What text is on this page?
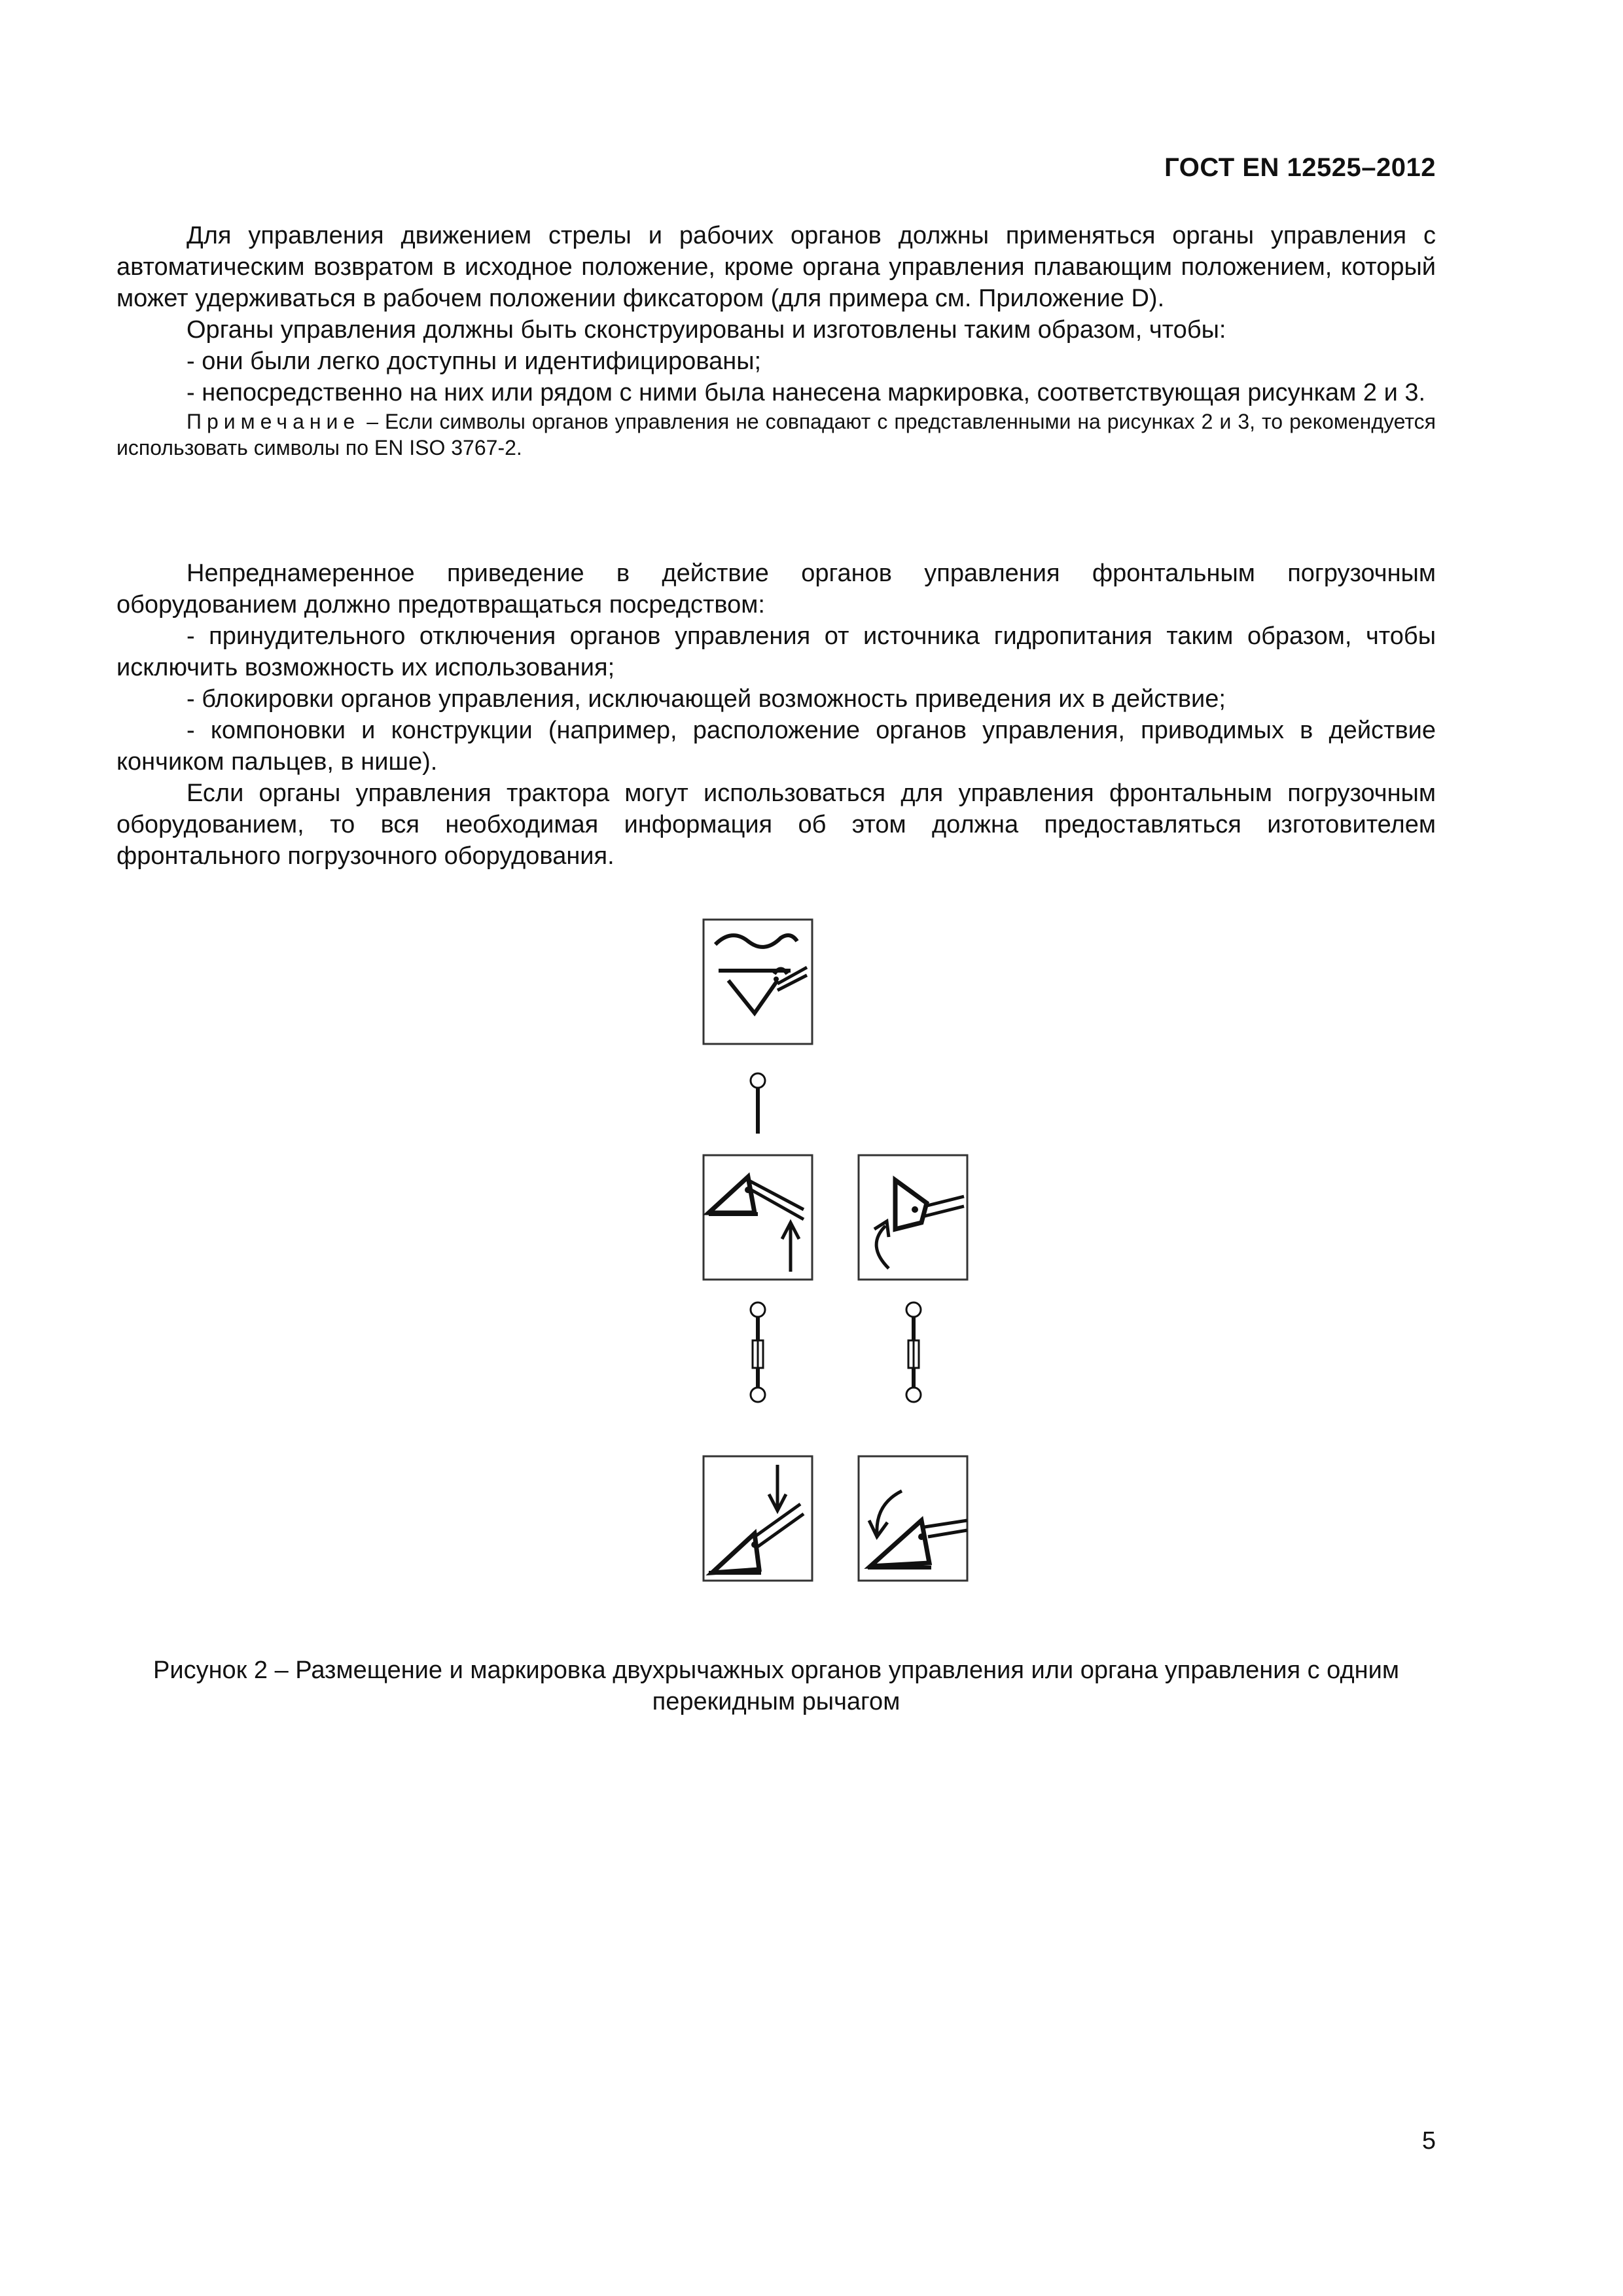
ГОСТ EN 12525–2012

Для управления движением стрелы и рабочих органов должны применяться органы управления с автоматическим возвратом в исходное положение, кроме органа управления плавающим положением, который может удерживаться в рабочем положении фиксатором (для примера см. Приложение D).

Органы управления должны быть сконструированы и изготовлены таким образом, чтобы:

- они были легко доступны и идентифицированы;

- непосредственно на них или рядом с ними была нанесена маркировка, соответствующая рисункам 2 и 3.

Примечание – Если символы органов управления не совпадают с представленными на рисунках 2 и 3, то рекомендуется использовать символы по EN ISO 3767-2.

Непреднамеренное приведение в действие органов управления фронтальным погрузочным оборудованием должно предотвращаться посредством:

- принудительного отключения органов управления от источника гидропитания таким образом, чтобы исключить возможность их использования;

- блокировки органов управления, исключающей возможность приведения их в действие;

- компоновки и конструкции (например, расположение органов управления, приводимых в действие кончиком пальцев, в нише).

Если органы управления трактора могут использоваться для управления фронтальным погрузочным оборудованием, то вся необходимая информация об этом должна предоставляться изготовителем фронтального погрузочного оборудования.

Рисунок 2 – Размещение и маркировка двухрычажных органов управления или органа управления с одним перекидным рычагом
5
